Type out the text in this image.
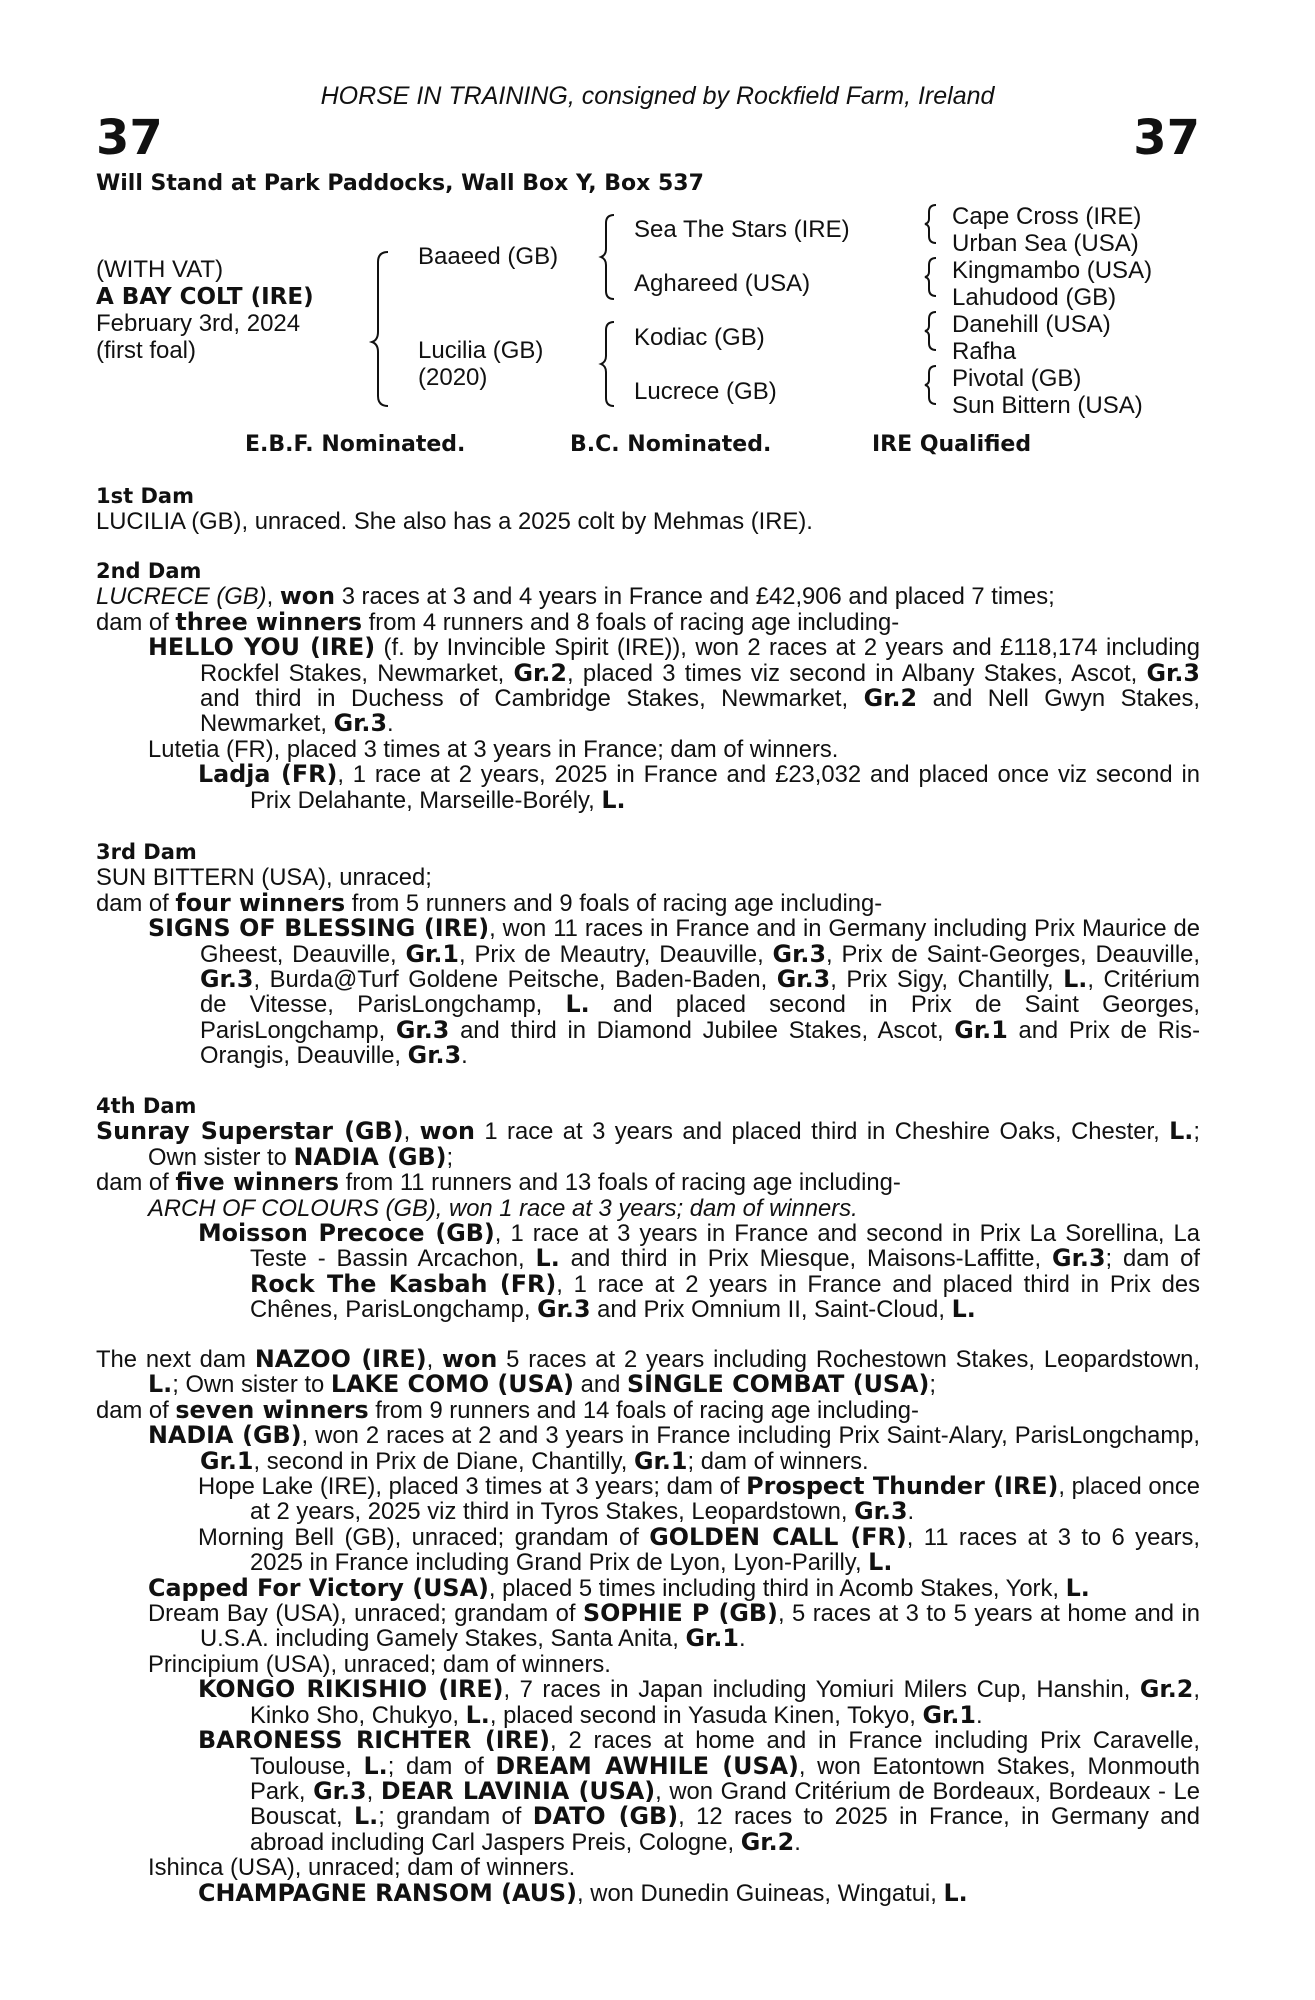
HORSE IN TRAINING, consigned by Rockfield Farm, Ireland
37	37
Will Stand at Park Paddocks, Wall Box Y, Box 537
(WITH VAT)
A BAY COLT (IRE)
February 3rd, 2024
(first foal)
Baaeed (GB)
Lucilia (GB)
(2020)
Sea The Stars (IRE)
Aghareed (USA)
Kodiac (GB)
Lucrece (GB)
Cape Cross (IRE)
Urban Sea (USA)
Kingmambo (USA)
Lahudood (GB)
Danehill (USA)
Rafha
Pivotal (GB)
Sun Bittern (USA)
E.B.F. Nominated.	B.C. Nominated.	IRE Qualified
1st Dam

LUCILIA (GB), unraced. She also has a 2025 colt by Mehmas (IRE).

2nd Dam

LUCRECE (GB), won 3 races at 3 and 4 years in France and £42,906 and placed 7 times;

dam of three winners from 4 runners and 8 foals of racing age including-

HELLO YOU (IRE) (f. by Invincible Spirit (IRE)), won 2 races at 2 years and £118,174 including Rockfel Stakes, Newmarket, Gr.2, placed 3 times viz second in Albany Stakes, Ascot, Gr.3 and third in Duchess of Cambridge Stakes, Newmarket, Gr.2 and Nell Gwyn Stakes, Newmarket, Gr.3.

Lutetia (FR), placed 3 times at 3 years in France; dam of winners.

Ladja (FR), 1 race at 2 years, 2025 in France and £23,032 and placed once viz second in Prix Delahante, Marseille-Borély, L.

3rd Dam

SUN BITTERN (USA), unraced;

dam of four winners from 5 runners and 9 foals of racing age including-

SIGNS OF BLESSING (IRE), won 11 races in France and in Germany including Prix Maurice de Gheest, Deauville, Gr.1, Prix de Meautry, Deauville, Gr.3, Prix de Saint-Georges, Deauville, Gr.3, Burda@Turf Goldene Peitsche, Baden-Baden, Gr.3, Prix Sigy, Chantilly, L., Critérium de Vitesse, ParisLongchamp, L. and placed second in Prix de Saint Georges, ParisLongchamp, Gr.3 and third in Diamond Jubilee Stakes, Ascot, Gr.1 and Prix de Ris-Orangis, Deauville, Gr.3.

4th Dam

Sunray Superstar (GB), won 1 race at 3 years and placed third in Cheshire Oaks, Chester, L.; Own sister to NADIA (GB);

dam of five winners from 11 runners and 13 foals of racing age including-

ARCH OF COLOURS (GB), won 1 race at 3 years; dam of winners.

Moisson Precoce (GB), 1 race at 3 years in France and second in Prix La Sorellina, La Teste - Bassin Arcachon, L. and third in Prix Miesque, Maisons-Laffitte, Gr.3; dam of Rock The Kasbah (FR), 1 race at 2 years in France and placed third in Prix des Chênes, ParisLongchamp, Gr.3 and Prix Omnium II, Saint-Cloud, L.

The next dam NAZOO (IRE), won 5 races at 2 years including Rochestown Stakes, Leopardstown, L.; Own sister to LAKE COMO (USA) and SINGLE COMBAT (USA);

dam of seven winners from 9 runners and 14 foals of racing age including-

NADIA (GB), won 2 races at 2 and 3 years in France including Prix Saint-Alary, ParisLongchamp, Gr.1, second in Prix de Diane, Chantilly, Gr.1; dam of winners.

Hope Lake (IRE), placed 3 times at 3 years; dam of Prospect Thunder (IRE), placed once at 2 years, 2025 viz third in Tyros Stakes, Leopardstown, Gr.3.

Morning Bell (GB), unraced; grandam of GOLDEN CALL (FR), 11 races at 3 to 6 years, 2025 in France including Grand Prix de Lyon, Lyon-Parilly, L.

Capped For Victory (USA), placed 5 times including third in Acomb Stakes, York, L.

Dream Bay (USA), unraced; grandam of SOPHIE P (GB), 5 races at 3 to 5 years at home and in U.S.A. including Gamely Stakes, Santa Anita, Gr.1.

Principium (USA), unraced; dam of winners.

KONGO RIKISHIO (IRE), 7 races in Japan including Yomiuri Milers Cup, Hanshin, Gr.2, Kinko Sho, Chukyo, L., placed second in Yasuda Kinen, Tokyo, Gr.1.

BARONESS RICHTER (IRE), 2 races at home and in France including Prix Caravelle, Toulouse, L.; dam of DREAM AWHILE (USA), won Eatontown Stakes, Monmouth Park, Gr.3, DEAR LAVINIA (USA), won Grand Critérium de Bordeaux, Bordeaux - Le Bouscat, L.; grandam of DATO (GB), 12 races to 2025 in France, in Germany and abroad including Carl Jaspers Preis, Cologne, Gr.2.

Ishinca (USA), unraced; dam of winners.

CHAMPAGNE RANSOM (AUS), won Dunedin Guineas, Wingatui, L.
